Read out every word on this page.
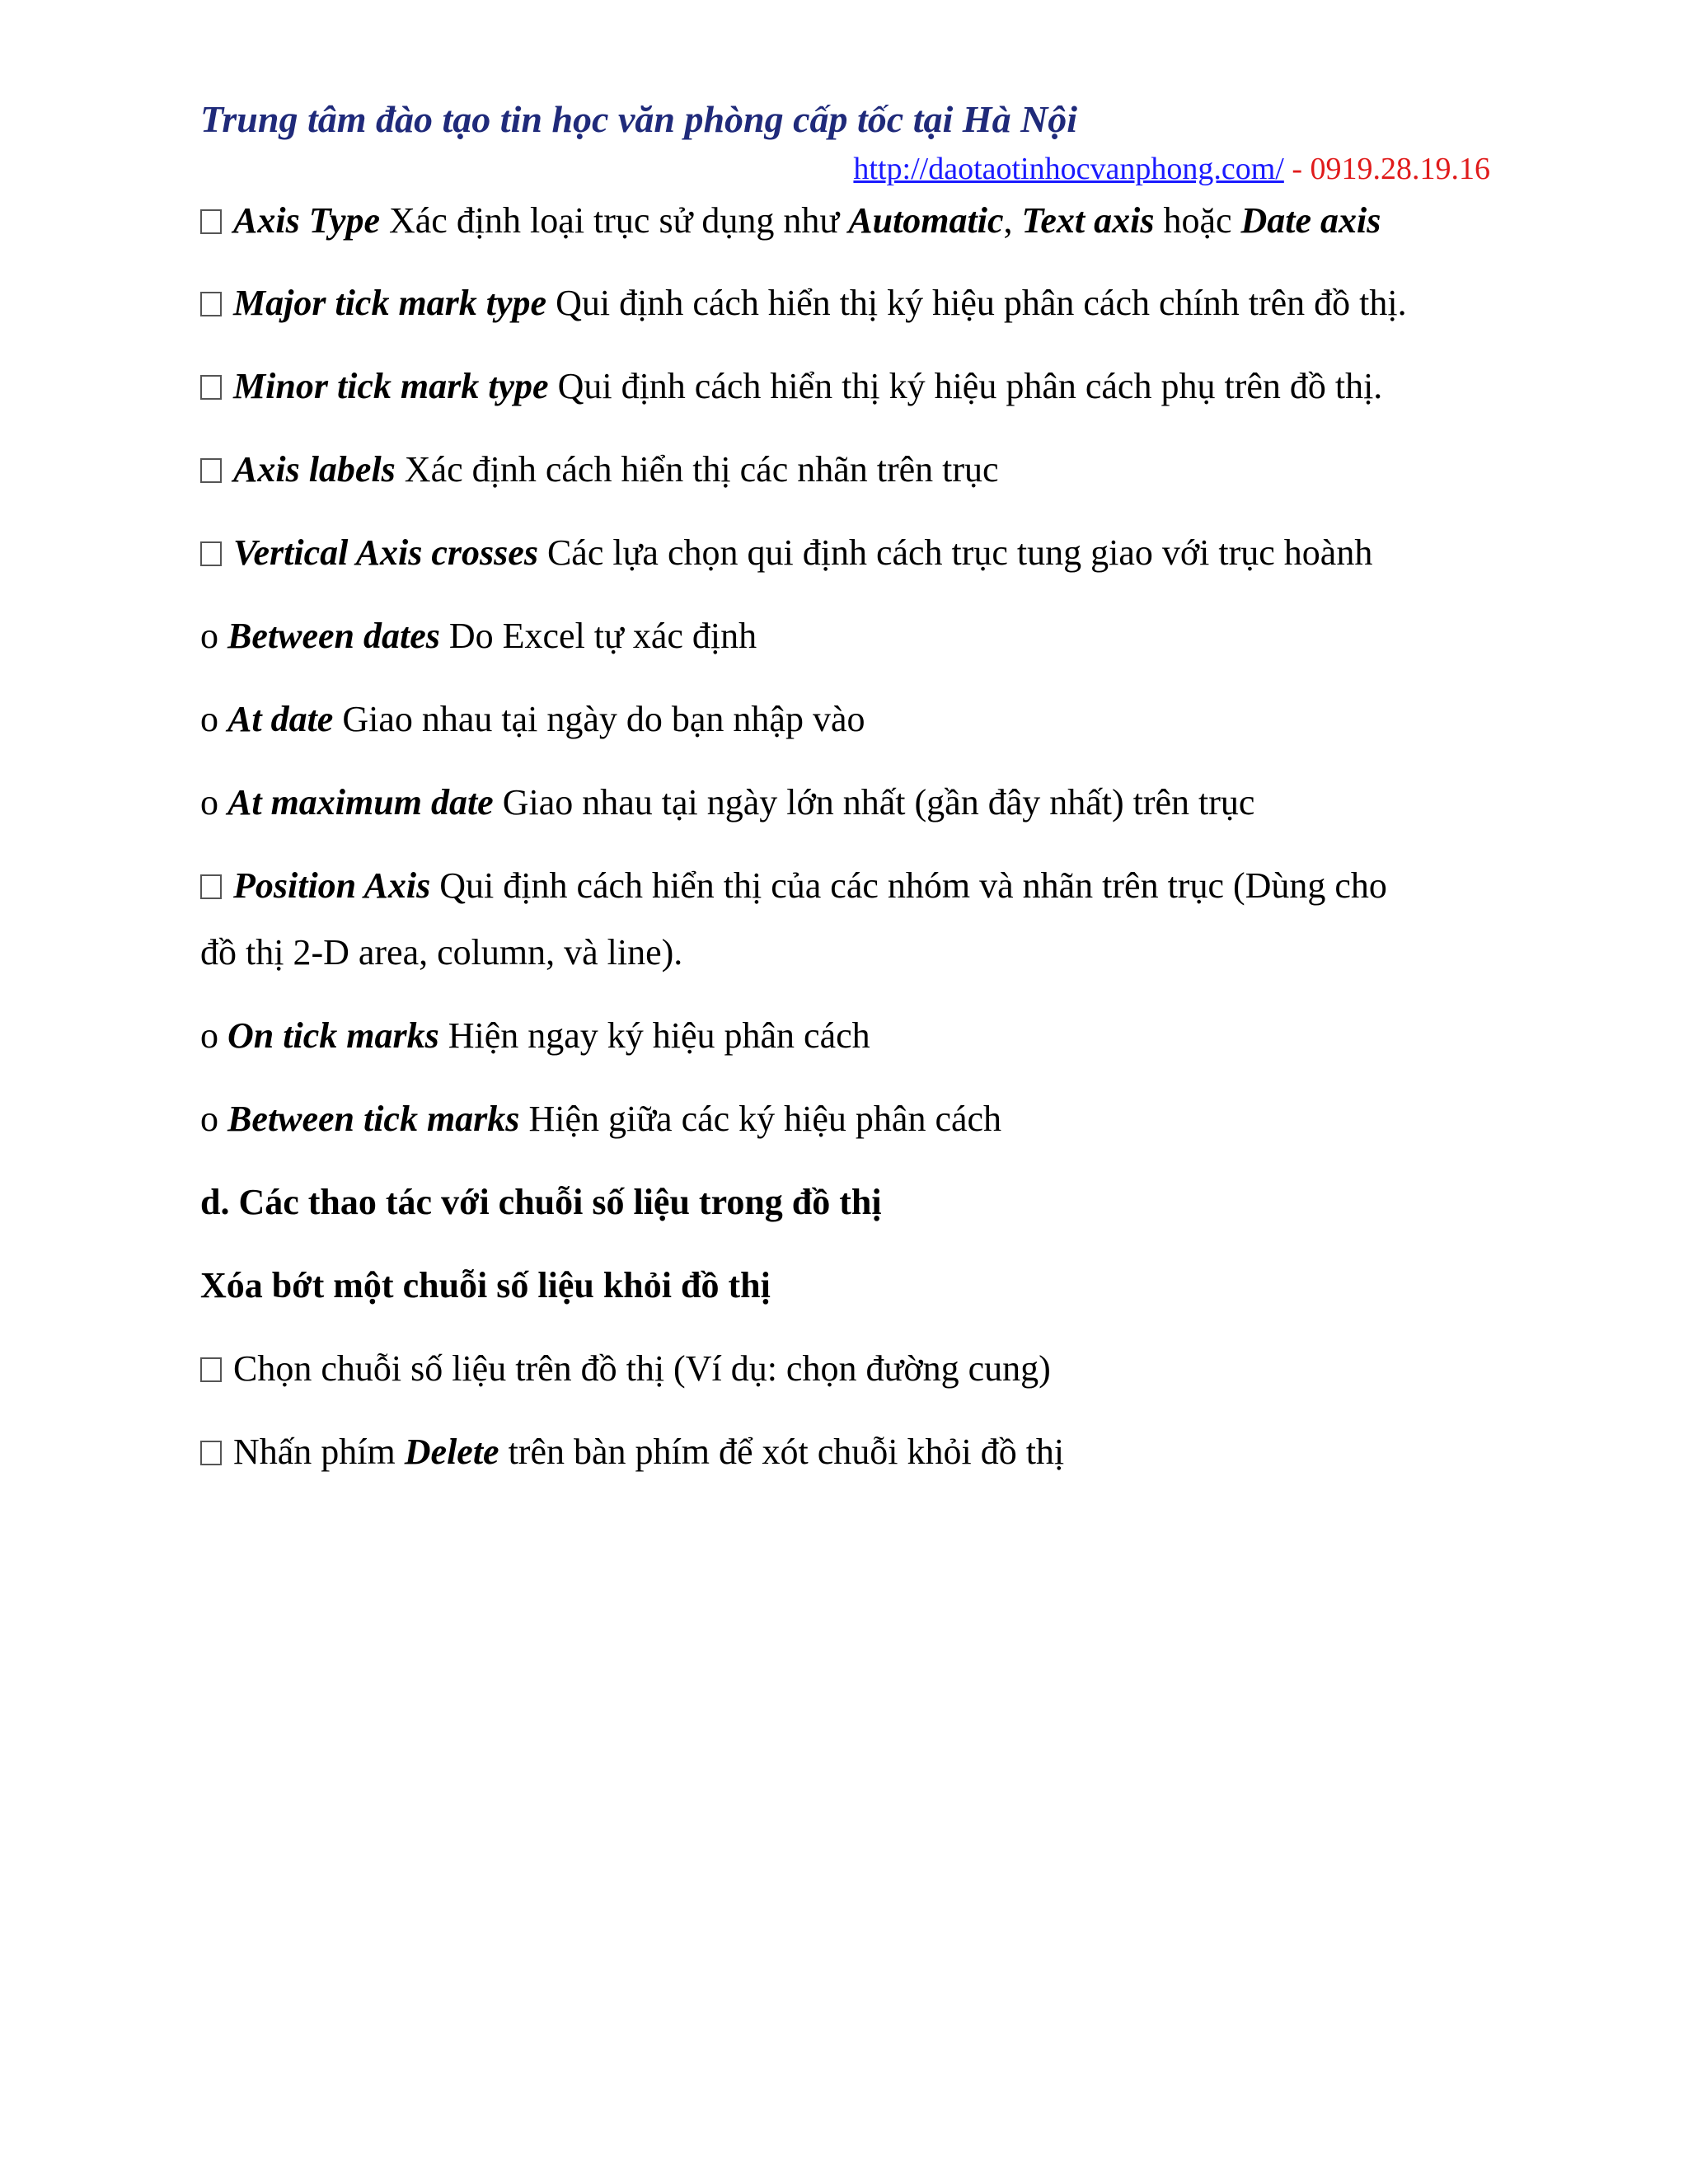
Trung tâm đào tạo tin học văn phòng cấp tốc tại Hà Nội
http://daotaotinhocvanphong.com/ - 0919.28.19.16
Axis Type Xác định loại trục sử dụng như Automatic, Text axis hoặc Date axis
Major tick mark type Qui định cách hiển thị ký hiệu phân cách chính trên đồ thị.
Minor tick mark type Qui định cách hiển thị ký hiệu phân cách phụ trên đồ thị.
Axis labels Xác định cách hiển thị các nhãn trên trục
Vertical Axis crosses Các lựa chọn qui định cách trục tung giao với trục hoành
o Between dates Do Excel tự xác định
o At date Giao nhau tại ngày do bạn nhập vào
o At maximum date Giao nhau tại ngày lớn nhất (gần đây nhất) trên trục
Position Axis Qui định cách hiển thị của các nhóm và nhãn trên trục (Dùng cho
đồ thị 2-D area, column, và line).
o On tick marks Hiện ngay ký hiệu phân cách
o Between tick marks Hiện giữa các ký hiệu phân cách
d. Các thao tác với chuỗi số liệu trong đồ thị
Xóa bớt một chuỗi số liệu khỏi đồ thị
Chọn chuỗi số liệu trên đồ thị (Ví dụ: chọn đường cung)
Nhấn phím Delete trên bàn phím để xót chuỗi khỏi đồ thị
